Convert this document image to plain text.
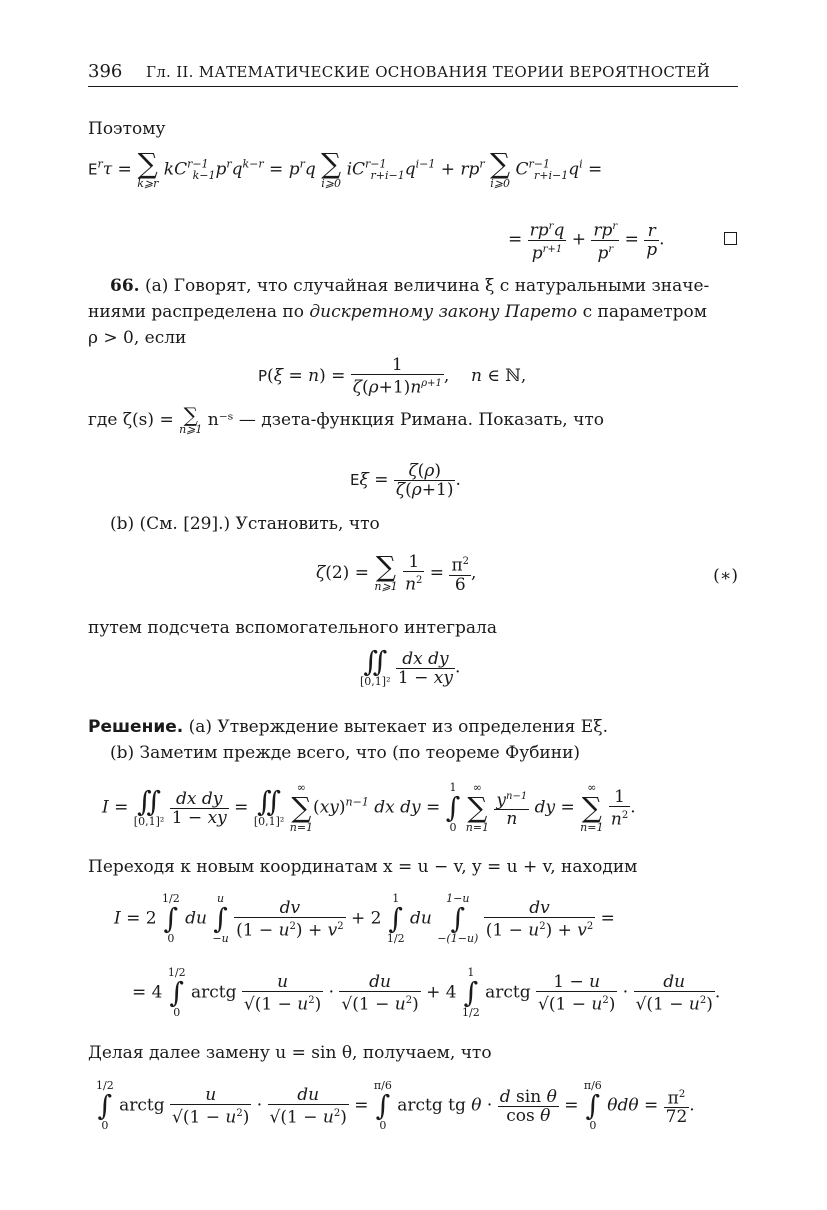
396 Гл. II. МАТЕМАТИЧЕСКИЕ ОСНОВАНИЯ ТЕОРИИ ВЕРОЯТНОСТЕЙ
Поэтому
$E^r\tau$ = ∑
k⩾r
$kC^{r-1}_{k-1}p^rq^{k-r} = p^rq$ ∑
i⩾0
$iC^{r-1}_{r+i-1}q^{i-1} + rp^r$ ∑
i⩾0
$C^{r-1}_{r+i-1}q^i$ =
= $\frac{rp^rq}{p^{r+1}} + \frac{rp^r}{p^r} = \frac{r}{p}$ .
66. (a) Говорят, что случайная величина ξ с натуральными значе-
ниями распределена по дискретному закону Парето с параметром
ρ > 0, если
$P(\xi = n) = \frac{1}{\zeta(\rho+1)n^{\rho+1}}$ ,    n ∈ ℕ,
где ζ(s) = ∑
n⩾1 n⁻ˢ — дзета-функция Римана. Показать, что
$E\xi = \frac{\zeta(\rho)}{\zeta(\rho+1)}$ .
(b) (См. [29].) Установить, что
ζ(2) = ∑
n⩾1
$\frac{1}{n^2} = \frac{\pi^2}{6}$ ,	(∗)
путем подсчета вспомогательного интеграла
∬
[0,1]²
$\frac{\text{dx dy}}{1 - xy}$ .
Решение. (a) Утверждение вытекает из определения Eξ.
(b) Заметим прежде всего, что (по теореме Фубини)
I = ∬
[0,1]²
$\frac{\text{dx dy}}{1 - xy}$ = ∬
[0,1]²

∞
∑
n=1
(xy)$^{n-1}$ dx dy =
1
∫
0

∞
∑
n=1
$\frac{y^{n-1}}{n}$ dy =
∞
∑
n=1
$\frac{1}{n^2}$ .
Переходя к новым координатам x = u − v, y = u + v, находим
I = 2
1/2
∫
0
du
u
∫
−u
$\frac{dv}{(1 - u^2) + v^2} + 2$
1
∫
1/2
du
1−u
∫
−(1−u)
$\frac{dv}{(1 - u^2) + v^2}$ =
= 4
1/2
∫
0
arctg $\frac{u}{√(1 - u^2)} \cdot \frac{du}{√(1 - u^2)} + 4$
1
∫
1/2
arctg $\frac{1 - u}{√(1 - u^2)} \cdot \frac{du}{√(1 - u^2)}$ .
Делая далее замену u = sin θ, получаем, что
1/2
∫
0
arctg $\frac{u}{√(1 - u^2)} \cdot \frac{du}{√(1 - u^2)}$ =
π/6
∫
0
arctg tg $\theta \cdot \frac{\text{d sin θ}}{\text{cos θ}}$ =
π/6
∫
0
$\theta d\theta = \frac{\pi^2}{72}$ .
